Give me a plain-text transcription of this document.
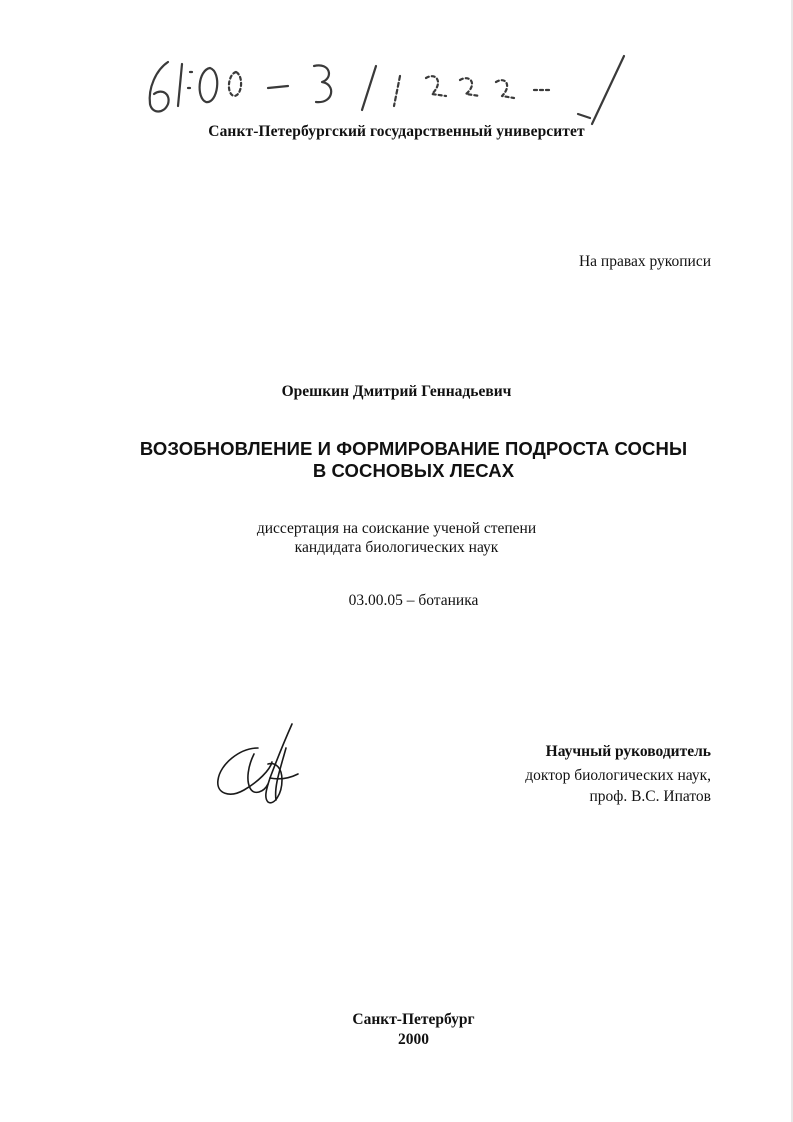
Санкт-Петербургский государственный университет
На правах рукописи
Орешкин Дмитрий Геннадьевич
ВОЗОБНОВЛЕНИЕ И ФОРМИРОВАНИЕ ПОДРОСТА СОСНЫ
В СОСНОВЫХ ЛЕСАХ
диссертация на соискание ученой степени
кандидата биологических наук
03.00.05 – ботаника
Научный руководитель
доктор биологических наук,
проф. В.С. Ипатов
Санкт-Петербург
2000
